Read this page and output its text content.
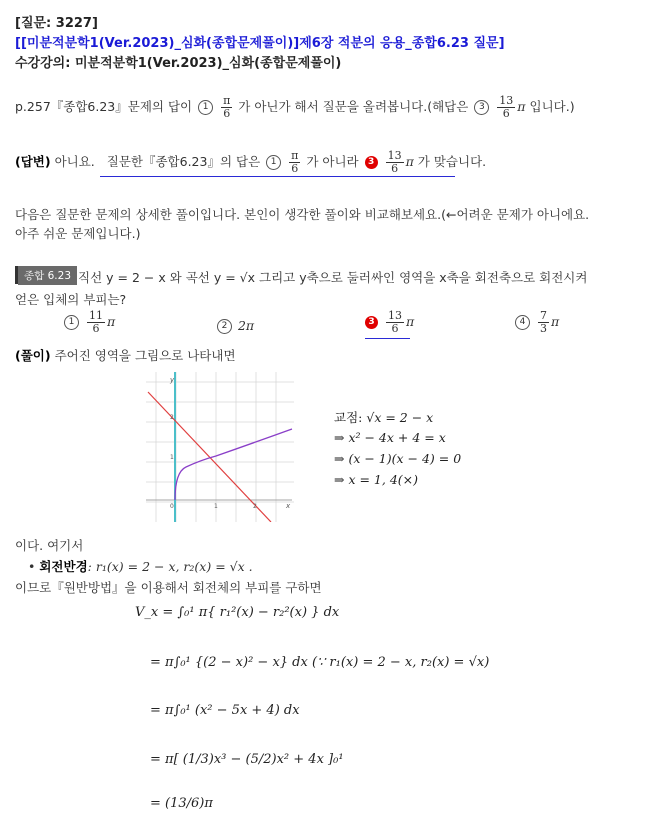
[질문: 3227]
[[미분적분학1(Ver.2023)_심화(종합문제풀이)]제6장 적분의 응용_종합6.23 질문]
수강강의: 미분적분학1(Ver.2023)_심화(종합문제풀이)
p.257『종합6.23』문제의 답이 $1 \frac{\pi}{6}$ 가 아닌가 해서 질문을 올려봅니다.(해답은 $3 \frac{13}{6}$ π 입니다.)
(답변) 아니요. 질문한『종합6.23』의 답은 $1 \frac{\pi}{6}$ 가 아니라 $3 \frac{13}{6}$ π 가 맞습니다.
다음은 질문한 문제의 상세한 풀이입니다. 본인이 생각한 풀이와 비교해보세요.(←어려운 문제가 아니에요.
아주 쉬운 문제입니다.)
종합 6.23 직선 y = 2 − x 와 곡선 y = √x 그리고 y축으로 둘러싸인 영역을 x축을 회전축으로 회전시켜
얻은 입체의 부피는?
$1 \frac{11}{6}$ π	2 2π	$3 \frac{13}{6}$ π	$4 \frac{7}{3}$ π
(풀이) 주어진 영역을 그림으로 나타내면
y
x
0	1	2
1
2	교점: √x = 2 − x
⇒ x² − 4x + 4 = x
⇒ (x − 1)(x − 4) = 0
⇒ x = 1, 4(×)
이다. 여기서
• 회전반경: r₁(x) = 2 − x, r₂(x) = √x .
이므로『원반방법』을 이용해서 회전체의 부피를 구하면
V_x = ∫₀¹ π{ r₁²(x) − r₂²(x) } dx
= π∫₀¹ {(2 − x)² − x} dx (∵ r₁(x) = 2 − x, r₂(x) = √x)
= π∫₀¹ (x² − 5x + 4) dx
= π[ (1/3)x³ − (5/2)x² + 4x ]₀¹
= (13/6)π
